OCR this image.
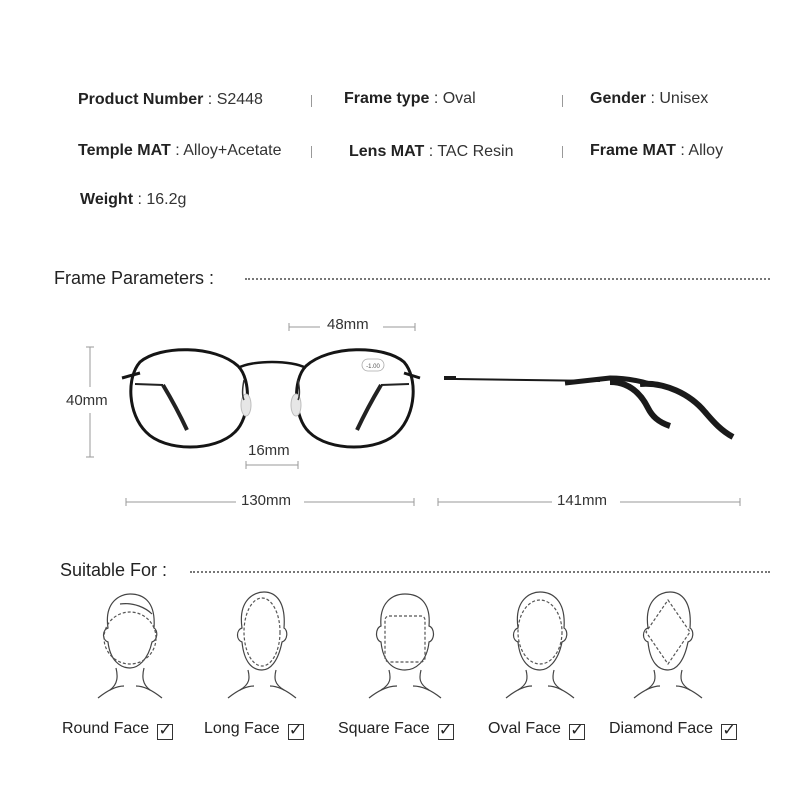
Product Number : S2448	Frame type : Oval	Gender : Unisex
Temple MAT : Alloy+Acetate	Lens MAT : TAC Resin	Frame MAT : Alloy
Weight : 16.2g
Frame Parameters :
48mm
40mm
16mm
130mm	141mm
-1.00
Suitable For :
Round Face ✓ Long Face ✓ Square Face ✓ Oval Face ✓ Diamond Face ✓
